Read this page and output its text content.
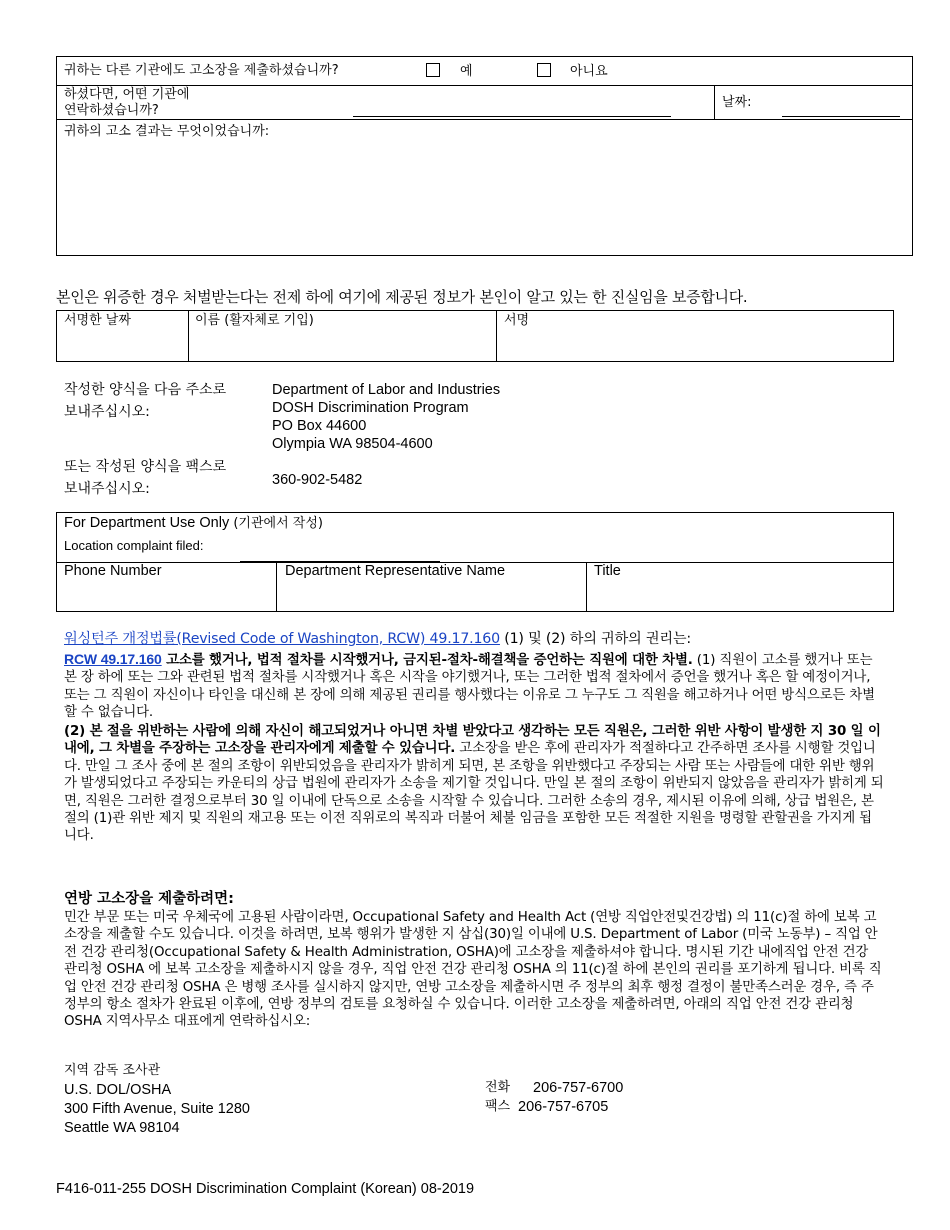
귀하는 다른 기관에도 고소장을 제출하셨습니까?	예	아니요
하셨다면, 어떤 기관에
연락하셨습니까?
날짜:
귀하의 고소 결과는 무엇이었습니까:
본인은 위증한 경우 처벌받는다는 전제 하에 여기에 제공된 정보가 본인이 알고 있는 한 진실임을 보증합니다.
서명한 날짜	이름 (활자체로 기입)	서명
작성한 양식을 다음 주소로
보내주십시오:
Department of Labor and Industries
DOSH Discrimination Program
PO Box 44600
Olympia WA 98504-4600
또는 작성된 양식을 팩스로
보내주십시오:
360-902-5482
For Department Use Only (기관에서 작성)
Location complaint filed:
Phone Number	Department Representative Name	Title
워싱턴주 개정법률(Revised Code of Washington, RCW) 49.17.160 (1) 및 (2) 하의 귀하의 권리는:
RCW 49.17.160 고소를 했거나, 법적 절차를 시작했거나, 금지된-절차-해결책을 증언하는 직원에 대한 차별. (1) 직원이 고소를 했거나 또는 본 장 하에 또는 그와 관련된 법적 절차를 시작했거나 혹은 시작을 야기했거나, 또는 그러한 법적 절차에서 증언을 했거나 혹은 할 예정이거나, 또는 그 직원이 자신이나 타인을 대신해 본 장에 의해 제공된 권리를 행사했다는 이유로 그 누구도 그 직원을 해고하거나 어떤 방식으로든 차별할 수 없습니다.
(2) 본 절을 위반하는 사람에 의해 자신이 해고되었거나 아니면 차별 받았다고 생각하는 모든 직원은, 그러한 위반 사항이 발생한 지 30 일 이내에, 그 차별을 주장하는 고소장을 관리자에게 제출할 수 있습니다. 고소장을 받은 후에 관리자가 적절하다고 간주하면 조사를 시행할 것입니다. 만일 그 조사 중에 본 절의 조항이 위반되었음을 관리자가 밝히게 되면, 본 조항을 위반했다고 주장되는 사람 또는 사람들에 대한 위반 행위가 발생되었다고 주장되는 카운티의 상급 법원에 관리자가 소송을 제기할 것입니다. 만일 본 절의 조항이 위반되지 않았음을 관리자가 밝히게 되면, 직원은 그러한 결정으로부터 30 일 이내에 단독으로 소송을 시작할 수 있습니다. 그러한 소송의 경우, 제시된 이유에 의해, 상급 법원은, 본 절의 (1)관 위반 제지 및 직원의 재고용 또는 이전 직위로의 복직과 더불어 체불 임금을 포함한 모든 적절한 지원을 명령할 관할권을 가지게 됩니다.
연방 고소장을 제출하려면:
민간 부문 또는 미국 우체국에 고용된 사람이라면, Occupational Safety and Health Act (연방 직업안전및건강법) 의 11(c)절 하에 보복 고소장을 제출할 수도 있습니다. 이것을 하려면, 보복 행위가 발생한 지 삼십(30)일 이내에 U.S. Department of Labor (미국 노동부) – 직업 안전 건강 관리청(Occupational Safety & Health Administration, OSHA)에 고소장을 제출하셔야 합니다. 명시된 기간 내에직업 안전 건강 관리청 OSHA 에 보복 고소장을 제출하시지 않을 경우, 직업 안전 건강 관리청 OSHA 의 11(c)절 하에 본인의 권리를 포기하게 됩니다. 비록 직업 안전 건강 관리청 OSHA 은 병행 조사를 실시하지 않지만, 연방 고소장을 제출하시면 주 정부의 최후 행정 결정이 불만족스러운 경우, 즉 주 정부의 항소 절차가 완료된 이후에, 연방 정부의 검토를 요청하실 수 있습니다. 이러한 고소장을 제출하려면, 아래의 직업 안전 건강 관리청 OSHA 지역사무소 대표에게 연락하십시오:
지역 감독 조사관
U.S. DOL/OSHA
300 Fifth Avenue, Suite 1280
Seattle WA 98104
전화 206-757-6700
팩스 206-757-6705
F416-011-255 DOSH Discrimination Complaint (Korean) 08-2019
